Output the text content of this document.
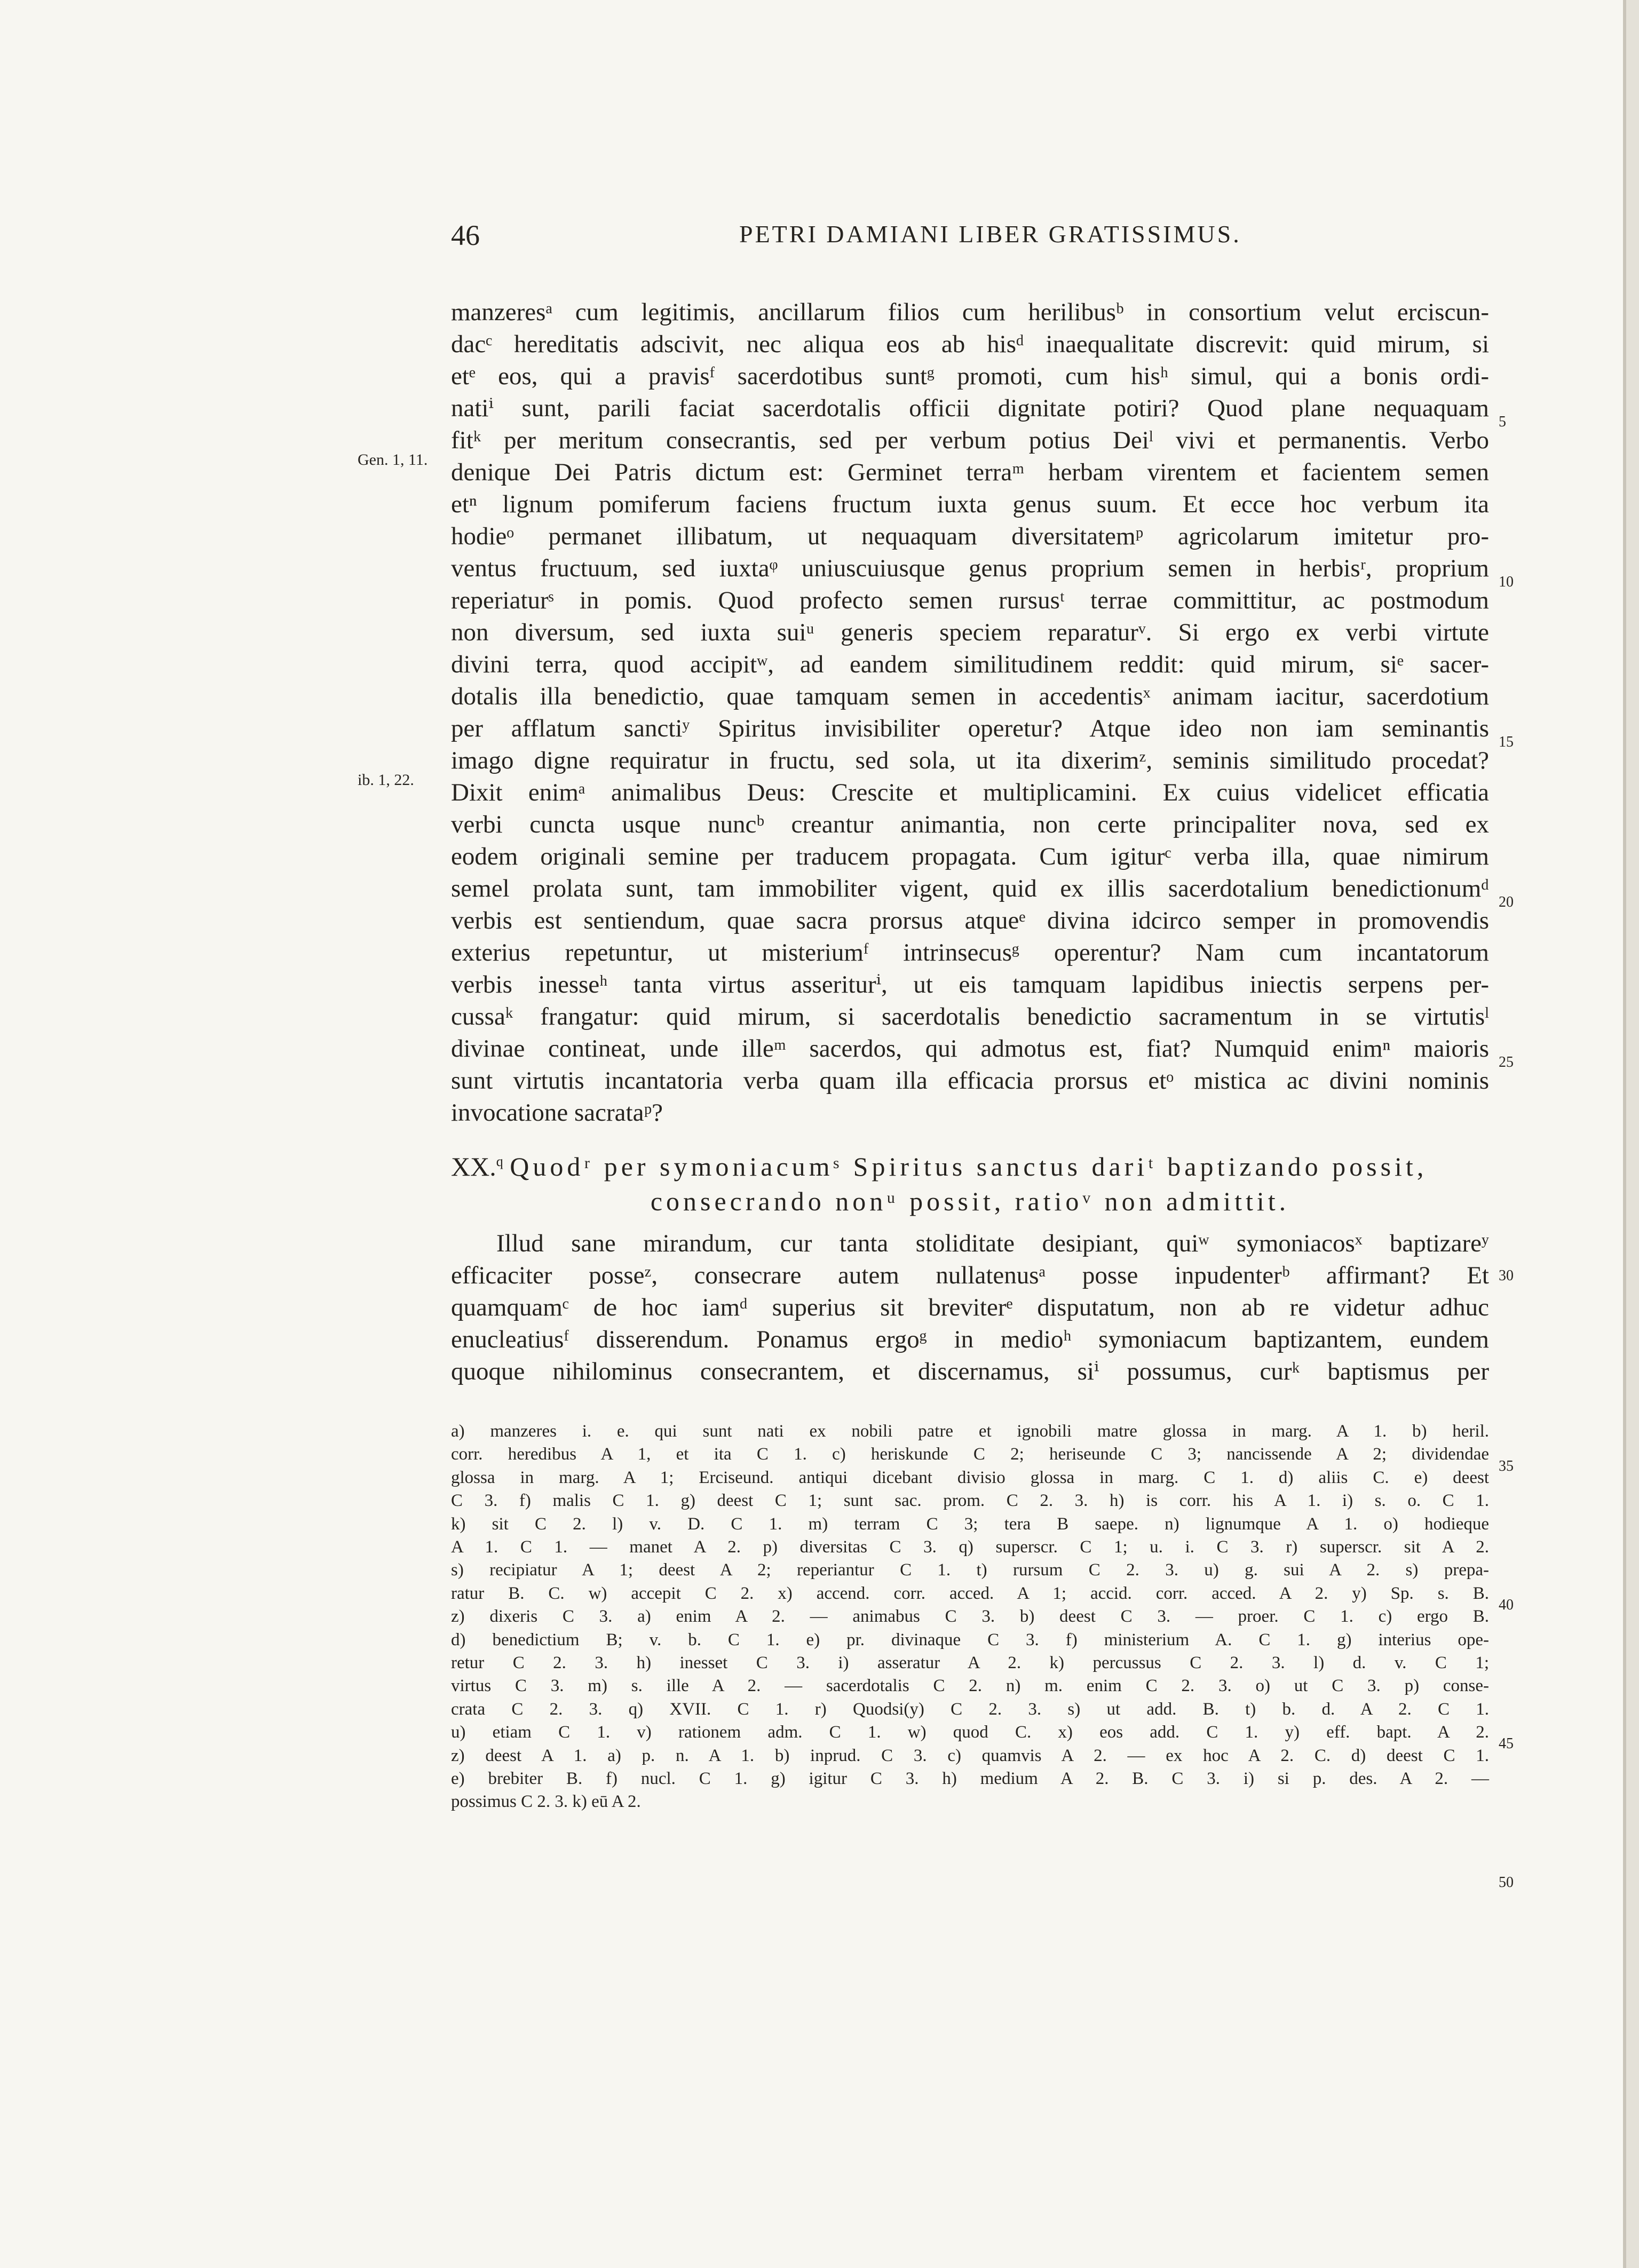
46	PETRI DAMIANI LIBER GRATISSIMUS.
manzeresᵃ cum legitimis, ancillarum filios cum herilibusᵇ in consortium velut erciscun-
dacᶜ hereditatis adscivit, nec aliqua eos ab hisᵈ inaequalitate discrevit: quid mirum, si
etᵉ eos, qui a pravisᶠ sacerdotibus suntᵍ promoti, cum hisʰ simul, qui a bonis ordi-
natiⁱ sunt, parili faciat sacerdotalis officii dignitate potiri? Quod plane nequaquam
fitᵏ per meritum consecrantis, sed per verbum potius Deiˡ vivi et permanentis. Verbo
denique Dei Patris dictum est: Germinet terraᵐ herbam virentem et facientem semen
etⁿ lignum pomiferum faciens fructum iuxta genus suum. Et ecce hoc verbum ita
hodieᵒ permanet illibatum, ut nequaquam diversitatemᵖ agricolarum imitetur pro-
ventus fructuum, sed iuxtaᵠ uniuscuiusque genus proprium semen in herbisʳ, proprium
reperiaturˢ in pomis. Quod profecto semen rursusᵗ terrae committitur, ac postmodum
non diversum, sed iuxta suiᵘ generis speciem reparaturᵛ. Si ergo ex verbi virtute
divini terra, quod accipitʷ, ad eandem similitudinem reddit: quid mirum, siᵉ sacer-
dotalis illa benedictio, quae tamquam semen in accedentisˣ animam iacitur, sacerdotium
per afflatum sanctiʸ Spiritus invisibiliter operetur? Atque ideo non iam seminantis
imago digne requiratur in fructu, sed sola, ut ita dixerimᶻ, seminis similitudo procedat?
Dixit enimᵃ animalibus Deus: Crescite et multiplicamini. Ex cuius videlicet efficatia
verbi cuncta usque nuncᵇ creantur animantia, non certe principaliter nova, sed ex
eodem originali semine per traducem propagata. Cum igiturᶜ verba illa, quae nimirum
semel prolata sunt, tam immobiliter vigent, quid ex illis sacerdotalium benedictionumᵈ
verbis est sentiendum, quae sacra prorsus atqueᵉ divina idcirco semper in promovendis
exterius repetuntur, ut misteriumᶠ intrinsecusᵍ operentur? Nam cum incantatorum
verbis inesseʰ tanta virtus asseriturⁱ, ut eis tamquam lapidibus iniectis serpens per-
cussaᵏ frangatur: quid mirum, si sacerdotalis benedictio sacramentum in se virtutisˡ
divinae contineat, unde illeᵐ sacerdos, qui admotus est, fiat? Numquid enimⁿ maioris
sunt virtutis incantatoria verba quam illa efficacia prorsus etᵒ mistica ac divini nominis
invocatione sacrataᵖ?
Gen. 1, 11.
ib. 1, 22.
5
10
15
20
25
XX.$^q$ Quodʳ per symoniacumˢ Spiritus sanctus dariᵗ baptizando possit,
consecrando nonᵘ possit, ratioᵛ non admittit.
Illud sane mirandum, cur tanta stoliditate desipiant, quiʷ symoniacosˣ baptizareʸ
efficaciter posseᶻ, consecrare autem nullatenusᵃ posse inpudenterᵇ affirmant? Et
quamquamᶜ de hoc iamᵈ superius sit breviterᵉ disputatum, non ab re videtur adhuc
enucleatiusᶠ disserendum. Ponamus ergoᵍ in medioʰ symoniacum baptizantem, eundem
quoque nihilominus consecrantem, et discernamus, siⁱ possumus, curᵏ baptismus per
30
a) manzeres i. e. qui sunt nati ex nobili patre et ignobili matre glossa in marg. A 1. b) heril.
corr. heredibus A 1, et ita C 1. c) heriskunde C 2; heriseunde C 3; nancissende A 2; dividendae
glossa in marg. A 1; Erciseund. antiqui dicebant divisio glossa in marg. C 1. d) aliis C. e) deest
C 3. f) malis C 1. g) deest C 1; sunt sac. prom. C 2. 3. h) is corr. his A 1. i) s. o. C 1.
k) sit C 2. l) v. D. C 1. m) terram C 3; tera B saepe. n) lignumque A 1. o) hodieque
A 1. C 1. — manet A 2. p) diversitas C 3. q) superscr. C 1; u. i. C 3. r) superscr. sit A 2.
s) recipiatur A 1; deest A 2; reperiantur C 1. t) rursum C 2. 3. u) g. sui A 2. s) prepa-
ratur B. C. w) accepit C 2. x) accend. corr. acced. A 1; accid. corr. acced. A 2. y) Sp. s. B.
z) dixeris C 3. a) enim A 2. — animabus C 3. b) deest C 3. — proer. C 1. c) ergo B.
d) benedictium B; v. b. C 1. e) pr. divinaque C 3. f) ministerium A. C 1. g) interius ope-
retur C 2. 3. h) inesset C 3. i) asseratur A 2. k) percussus C 2. 3. l) d. v. C 1;
virtus C 3. m) s. ille A 2. — sacerdotalis C 2. n) m. enim C 2. 3. o) ut C 3. p) conse-
crata C 2. 3. q) XVII. C 1. r) Quodsi(y) C 2. 3. s) ut add. B. t) b. d. A 2. C 1.
u) etiam C 1. v) rationem adm. C 1. w) quod C. x) eos add. C 1. y) eff. bapt. A 2.
z) deest A 1. a) p. n. A 1. b) inprud. C 3. c) quamvis A 2. — ex hoc A 2. C. d) deest C 1.
e) brebiter B. f) nucl. C 1. g) igitur C 3. h) medium A 2. B. C 3. i) si p. des. A 2. —
possimus C 2. 3. k) eū A 2.
35
40
45
50
